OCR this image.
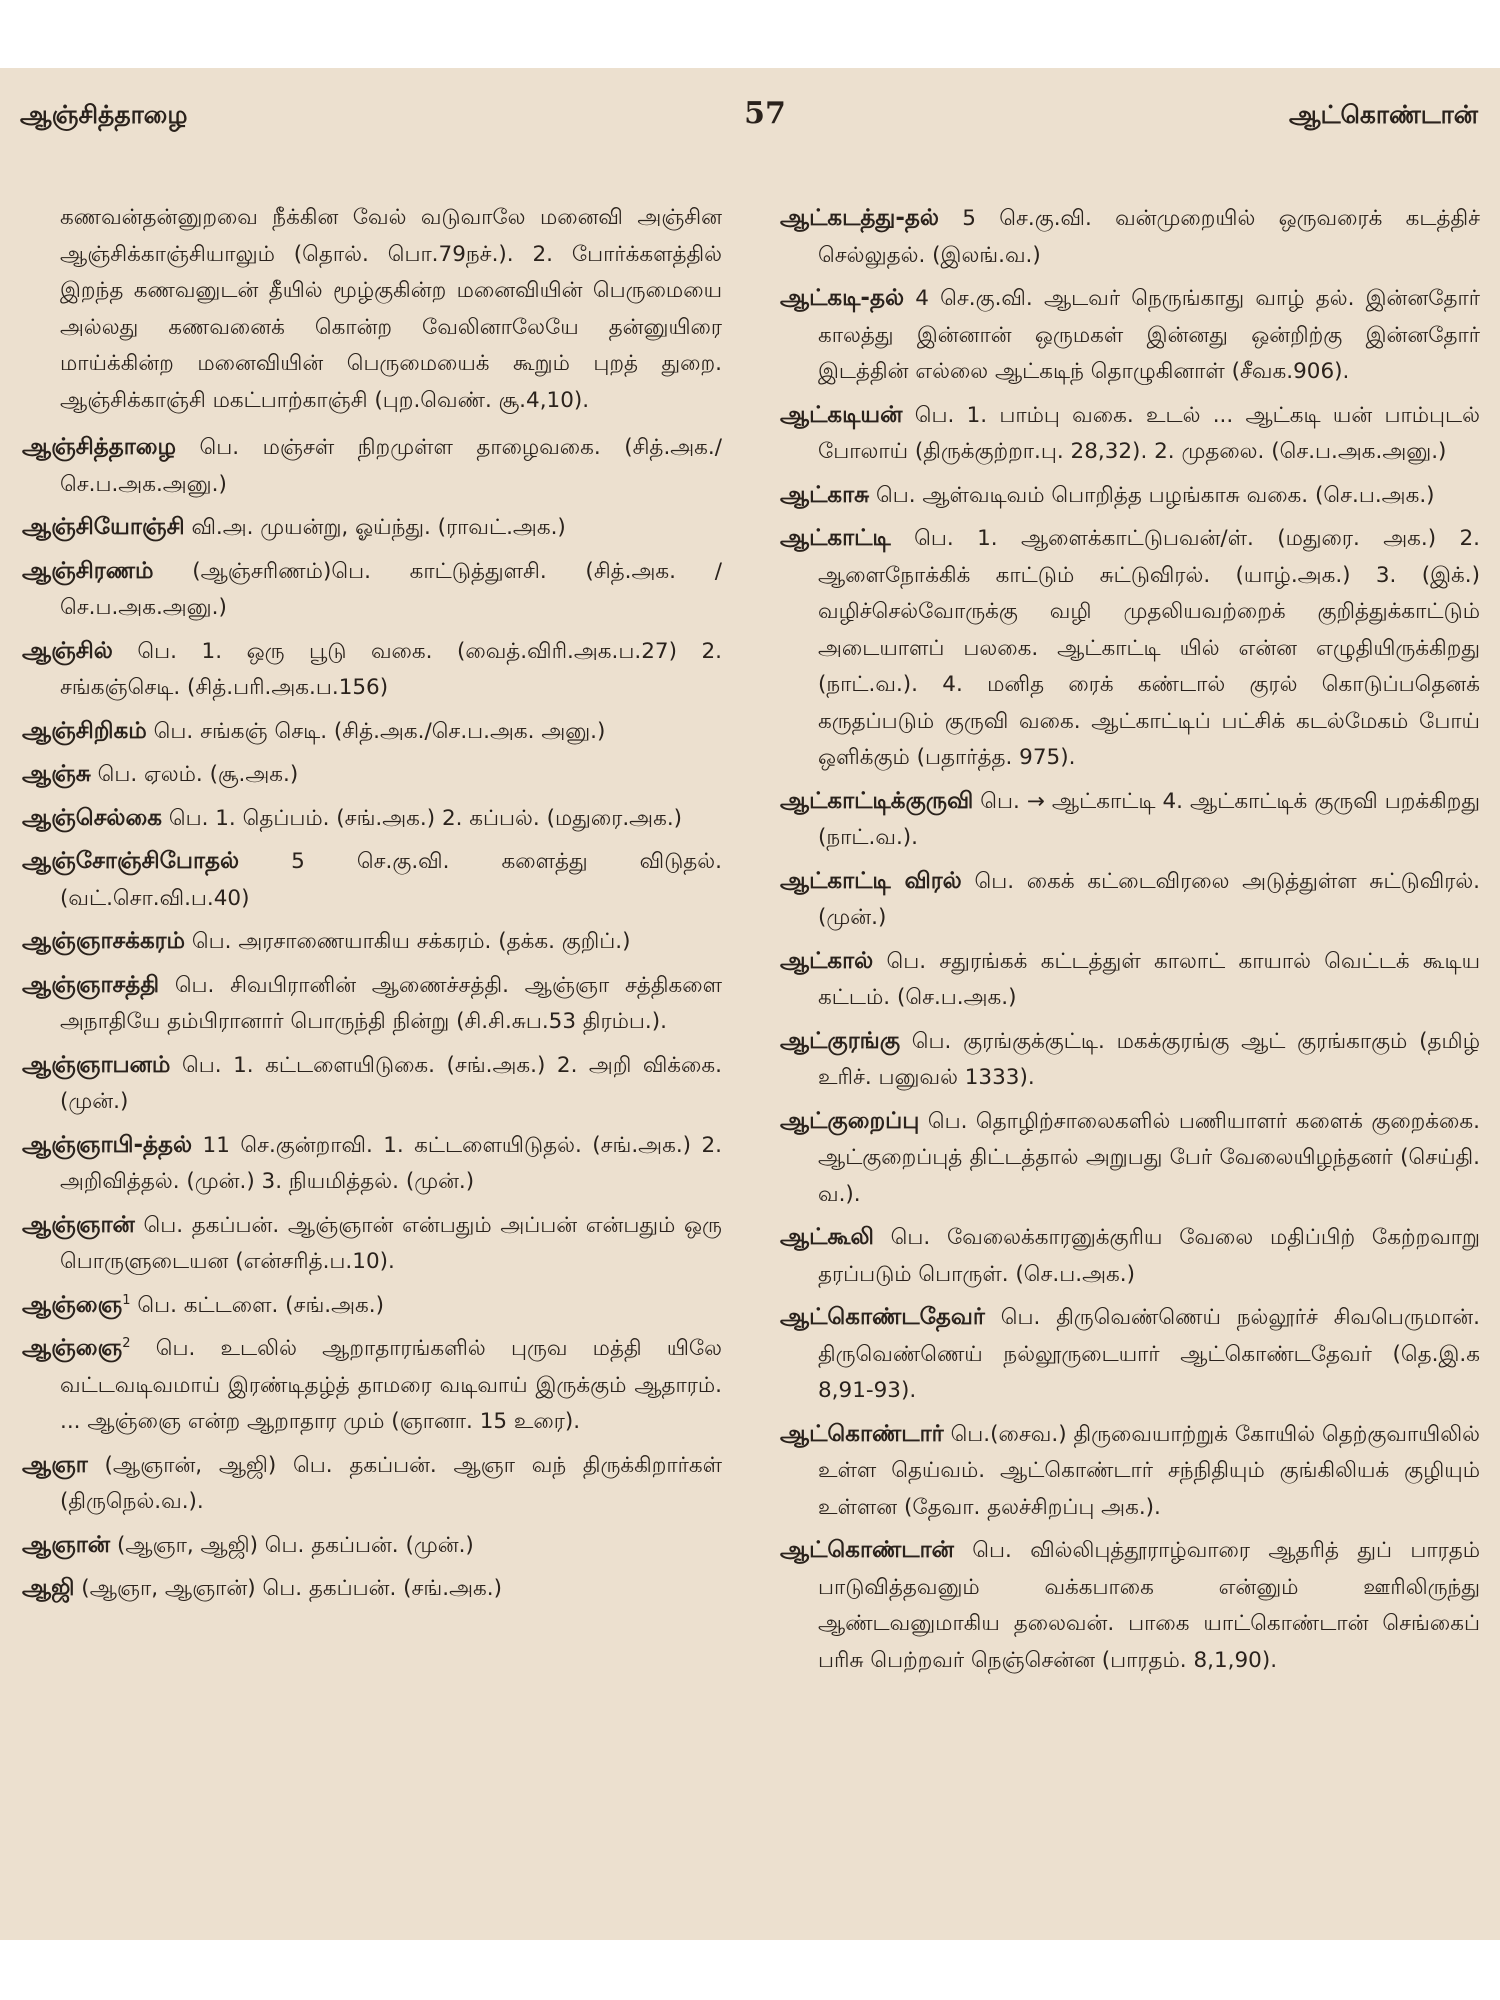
ஆஞ்சித்தாழை	57	ஆட்கொண்டான்

கணவன்தன்னுறவை நீக்கின வேல் வடுவாலே மனைவி அஞ்சின ஆஞ்சிக்காஞ்சியாலும் (தொல். பொ.79நச்.). 2. போர்க்களத்தில் இறந்த கணவனுடன் தீயில் மூழ்குகின்ற மனைவியின் பெருமையை அல்லது கணவனைக் கொன்ற வேலினாலேயே தன்னுயிரை மாய்க்கின்ற மனைவியின் பெருமையைக் கூறும் புறத் துறை. ஆஞ்சிக்காஞ்சி மகட்பாற்காஞ்சி (புற.வெண். சூ.4,10).

ஆஞ்சித்தாழை பெ. மஞ்சள் நிறமுள்ள தாழைவகை. (சித்.அக./செ.ப.அக.அனு.)

ஆஞ்சியோஞ்சி வி.அ. முயன்று, ஓய்ந்து. (ராவட்.அக.)

ஆஞ்சிரணம் (ஆஞ்சரிணம்)பெ. காட்டுத்துளசி. (சித்.அக. /செ.ப.அக.அனு.)

ஆஞ்சில் பெ. 1. ஒரு பூடு வகை. (வைத்.விரி.அக.ப.27) 2. சங்கஞ்செடி. (சித்.பரி.அக.ப.156)

ஆஞ்சிறிகம் பெ. சங்கஞ் செடி. (சித்.அக./செ.ப.அக. அனு.)

ஆஞ்சு பெ. ஏலம். (சூ.அக.)

ஆஞ்செல்கை பெ. 1. தெப்பம். (சங்.அக.) 2. கப்பல். (மதுரை.அக.)

ஆஞ்சோஞ்சிபோதல் 5 செ.கு.வி. களைத்து விடுதல். (வட்.சொ.வி.ப.40)

ஆஞ்ஞாசக்கரம் பெ. அரசாணையாகிய சக்கரம். (தக்க. குறிப்.)

ஆஞ்ஞாசத்தி பெ. சிவபிரானின் ஆணைச்சத்தி. ஆஞ்ஞா சத்திகளை அநாதியே தம்பிரானார் பொருந்தி நின்று (சி.சி.சுப.53 திரம்ப.).

ஆஞ்ஞாபனம் பெ. 1. கட்டளையிடுகை. (சங்.அக.) 2. அறி விக்கை. (முன்.)

ஆஞ்ஞாபி-த்தல் 11 செ.குன்றாவி. 1. கட்டளையிடுதல். (சங்.அக.) 2. அறிவித்தல். (முன்.) 3. நியமித்தல். (முன்.)

ஆஞ்ஞான் பெ. தகப்பன். ஆஞ்ஞான் என்பதும் அப்பன் என்பதும் ஒரு பொருளுடையன (என்சரித்.ப.10).

ஆஞ்ஞை$^1$ பெ. கட்டளை. (சங்.அக.)

ஆஞ்ஞை$^2$ பெ. உடலில் ஆறாதாரங்களில் புருவ மத்தி யிலே வட்டவடிவமாய் இரண்டிதழ்த் தாமரை வடிவாய் இருக்கும் ஆதாரம். ... ஆஞ்ஞை என்ற ஆறாதார மும் (ஞானா. 15 உரை).

ஆஞா (ஆஞான், ஆஜி) பெ. தகப்பன். ஆஞா வந் திருக்கிறார்கள் (திருநெல்.வ.).

ஆஞான் (ஆஞா, ஆஜி) பெ. தகப்பன். (முன்.)

ஆஜி (ஆஞா, ஆஞான்) பெ. தகப்பன். (சங்.அக.)

ஆட்கடத்து-தல் 5 செ.கு.வி. வன்முறையில் ஒருவரைக் கடத்திச் செல்லுதல். (இலங்.வ.)

ஆட்கடி-தல் 4 செ.கு.வி. ஆடவர் நெருங்காது வாழ் தல். இன்னதோர் காலத்து இன்னான் ஒருமகள் இன்னது ஒன்றிற்கு இன்னதோர் இடத்தின் எல்லை ஆட்கடிந் தொழுகினாள் (சீவக.906).

ஆட்கடியன் பெ. 1. பாம்பு வகை. உடல் ... ஆட்கடி யன் பாம்புடல் போலாய் (திருக்குற்றா.பு. 28,32). 2. முதலை. (செ.ப.அக.அனு.)

ஆட்காசு பெ. ஆள்வடிவம் பொறித்த பழங்காசு வகை. (செ.ப.அக.)

ஆட்காட்டி பெ. 1. ஆளைக்காட்டுபவன்/ள். (மதுரை. அக.) 2. ஆளைநோக்கிக் காட்டும் சுட்டுவிரல். (யாழ்.அக.) 3. (இக்.) வழிச்செல்வோருக்கு வழி முதலியவற்றைக் குறித்துக்காட்டும் அடையாளப் பலகை. ஆட்காட்டி யில் என்ன எழுதியிருக்கிறது (நாட்.வ.). 4. மனித ரைக் கண்டால் குரல் கொடுப்பதெனக் கருதப்படும் குருவி வகை. ஆட்காட்டிப் பட்சிக் கடல்மேகம் போய் ஒளிக்கும் (பதார்த்த. 975).

ஆட்காட்டிக்குருவி பெ. → ஆட்காட்டி 4. ஆட்காட்டிக் குருவி பறக்கிறது (நாட்.வ.).

ஆட்காட்டி விரல் பெ. கைக் கட்டைவிரலை அடுத்துள்ள சுட்டுவிரல். (முன்.)

ஆட்கால் பெ. சதுரங்கக் கட்டத்துள் காலாட் காயால் வெட்டக் கூடிய கட்டம். (செ.ப.அக.)

ஆட்குரங்கு பெ. குரங்குக்குட்டி. மகக்குரங்கு ஆட் குரங்காகும் (தமிழ் உரிச். பனுவல் 1333).

ஆட்குறைப்பு பெ. தொழிற்சாலைகளில் பணியாளர் களைக் குறைக்கை. ஆட்குறைப்புத் திட்டத்தால் அறுபது பேர் வேலையிழந்தனர் (செய்தி. வ.).

ஆட்கூலி பெ. வேலைக்காரனுக்குரிய வேலை மதிப்பிற் கேற்றவாறு தரப்படும் பொருள். (செ.ப.அக.)

ஆட்கொண்டதேவர் பெ. திருவெண்ணெய் நல்லூர்ச் சிவபெருமான். திருவெண்ணெய் நல்லூருடையார் ஆட்கொண்டதேவர் (தெ.இ.க 8,91-93).

ஆட்கொண்டார் பெ.(சைவ.) திருவையாற்றுக் கோயில் தெற்குவாயிலில் உள்ள தெய்வம். ஆட்கொண்டார் சந்நிதியும் குங்கிலியக் குழியும் உள்ளன (தேவா. தலச்சிறப்பு அக.).

ஆட்கொண்டான் பெ. வில்லிபுத்தூராழ்வாரை ஆதரித் துப் பாரதம் பாடுவித்தவனும் வக்கபாகை என்னும் ஊரிலிருந்து ஆண்டவனுமாகிய தலைவன். பாகை யாட்கொண்டான் செங்கைப் பரிசு பெற்றவர் நெஞ்சென்ன (பாரதம். 8,1,90).
